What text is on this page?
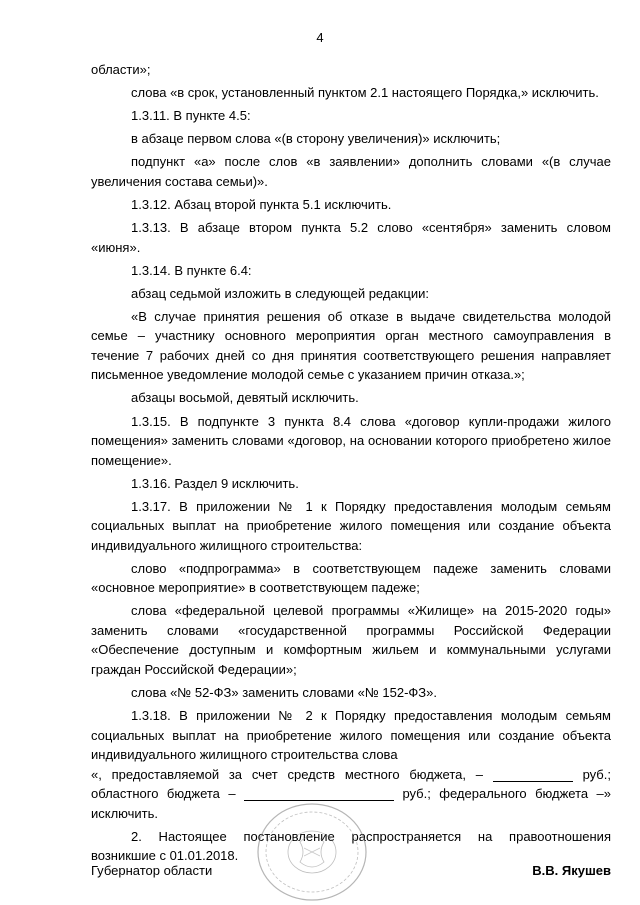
4

области»;

слова «в срок, установленный пунктом 2.1 настоящего Порядка,» исключить.

1.3.11. В пункте 4.5:

в абзаце первом слова «(в сторону увеличения)» исключить;

подпункт «а» после слов «в заявлении» дополнить словами «(в случае увеличения состава семьи)».

1.3.12. Абзац второй пункта 5.1 исключить.

1.3.13. В абзаце втором пункта 5.2 слово «сентября» заменить словом «июня».

1.3.14. В пункте 6.4:

абзац седьмой изложить в следующей редакции:

«В случае принятия решения об отказе в выдаче свидетельства молодой семье – участнику основного мероприятия орган местного самоуправления в течение 7 рабочих дней со дня принятия соответствующего решения направляет письменное уведомление молодой семье с указанием причин отказа.»;

абзацы восьмой, девятый исключить.

1.3.15. В подпункте 3 пункта 8.4 слова «договор купли-продажи жилого помещения» заменить словами «договор, на основании которого приобретено жилое помещение».

1.3.16. Раздел 9 исключить.

1.3.17. В приложении № 1 к Порядку предоставления молодым семьям социальных выплат на приобретение жилого помещения или создание объекта индивидуального жилищного строительства:

слово «подпрограмма» в соответствующем падеже заменить словами «основное мероприятие» в соответствующем падеже;

слова «федеральной целевой программы «Жилище» на 2015-2020 годы» заменить словами «государственной программы Российской Федерации «Обеспечение доступным и комфортным жильем и коммунальными услугами граждан Российской Федерации»;

слова «№ 52-ФЗ» заменить словами «№ 152-ФЗ».

1.3.18. В приложении № 2 к Порядку предоставления молодым семьям социальных выплат на приобретение жилого помещения или создание объекта индивидуального жилищного строительства слова

«, предоставляемой за счет средств местного бюджета, –	руб.;
областного бюджета –	руб.; федерального бюджета –»

исключить.

2. Настоящее постановление распространяется на правоотношения возникшие с 01.01.2018.

Губернатор области	В.В. Якушев
